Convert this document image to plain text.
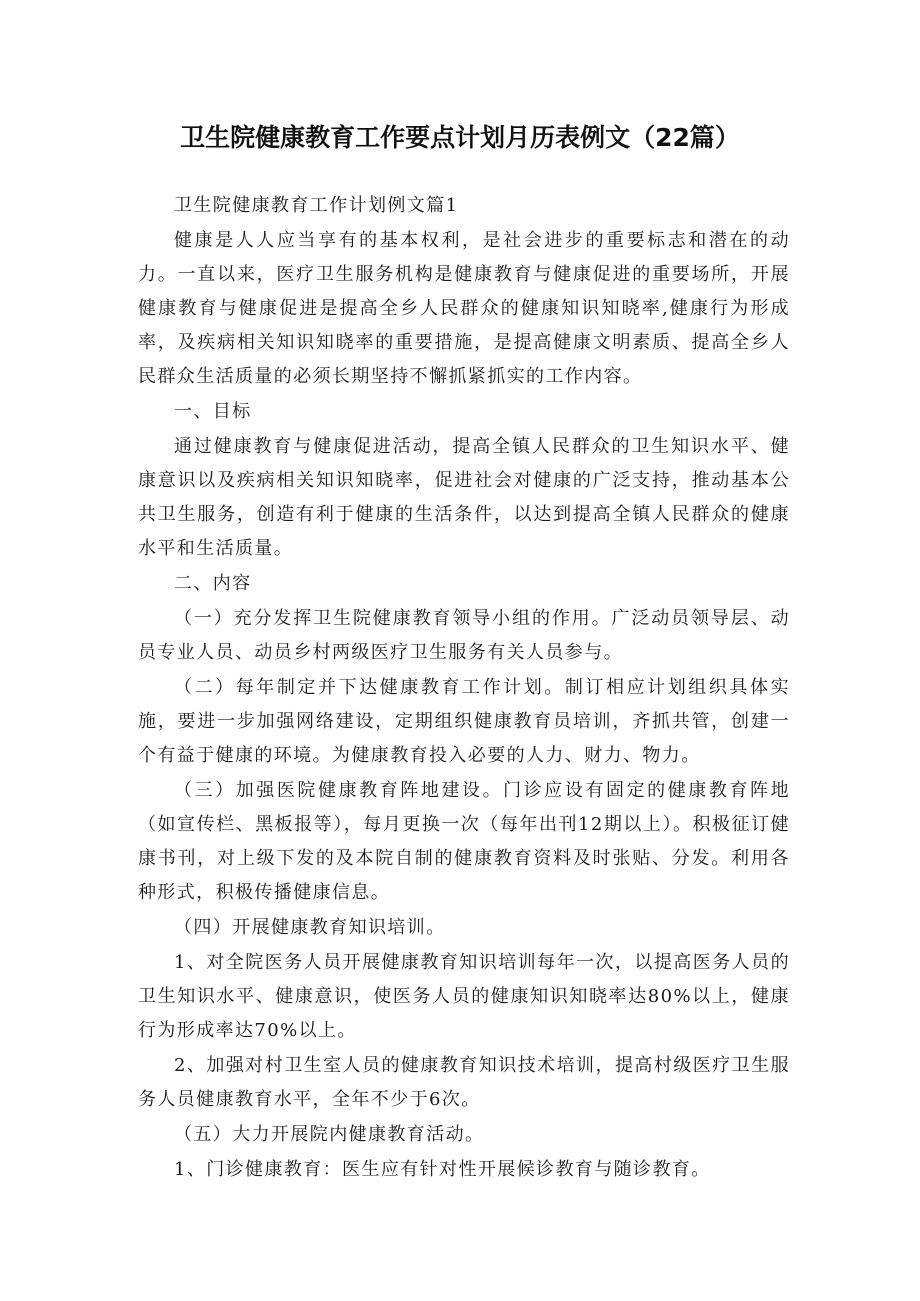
卫生院健康教育工作要点计划月历表例文（22篇）

卫生院健康教育工作计划例文篇1

健康是人人应当享有的基本权利，是社会进步的重要标志和潜在的动力。一直以来，医疗卫生服务机构是健康教育与健康促进的重要场所，开展健康教育与健康促进是提高全乡人民群众的健康知识知晓率,健康行为形成率，及疾病相关知识知晓率的重要措施，是提高健康文明素质、提高全乡人民群众生活质量的必须长期坚持不懈抓紧抓实的工作内容。

一、目标

通过健康教育与健康促进活动，提高全镇人民群众的卫生知识水平、健康意识以及疾病相关知识知晓率，促进社会对健康的广泛支持，推动基本公共卫生服务，创造有利于健康的生活条件，以达到提高全镇人民群众的健康水平和生活质量。

二、内容

（一）充分发挥卫生院健康教育领导小组的作用。广泛动员领导层、动员专业人员、动员乡村两级医疗卫生服务有关人员参与。

（二）每年制定并下达健康教育工作计划。制订相应计划组织具体实施，要进一步加强网络建设，定期组织健康教育员培训，齐抓共管，创建一个有益于健康的环境。为健康教育投入必要的人力、财力、物力。

（三）加强医院健康教育阵地建设。门诊应设有固定的健康教育阵地（如宣传栏、黑板报等），每月更换一次（每年出刊12期以上）。积极征订健康书刊，对上级下发的及本院自制的健康教育资料及时张贴、分发。利用各种形式，积极传播健康信息。

（四）开展健康教育知识培训。

1、对全院医务人员开展健康教育知识培训每年一次，以提高医务人员的卫生知识水平、健康意识，使医务人员的健康知识知晓率达80%以上，健康行为形成率达70%以上。

2、加强对村卫生室人员的健康教育知识技术培训，提高村级医疗卫生服务人员健康教育水平，全年不少于6次。

（五）大力开展院内健康教育活动。

1、门诊健康教育：医生应有针对性开展候诊教育与随诊教育。
